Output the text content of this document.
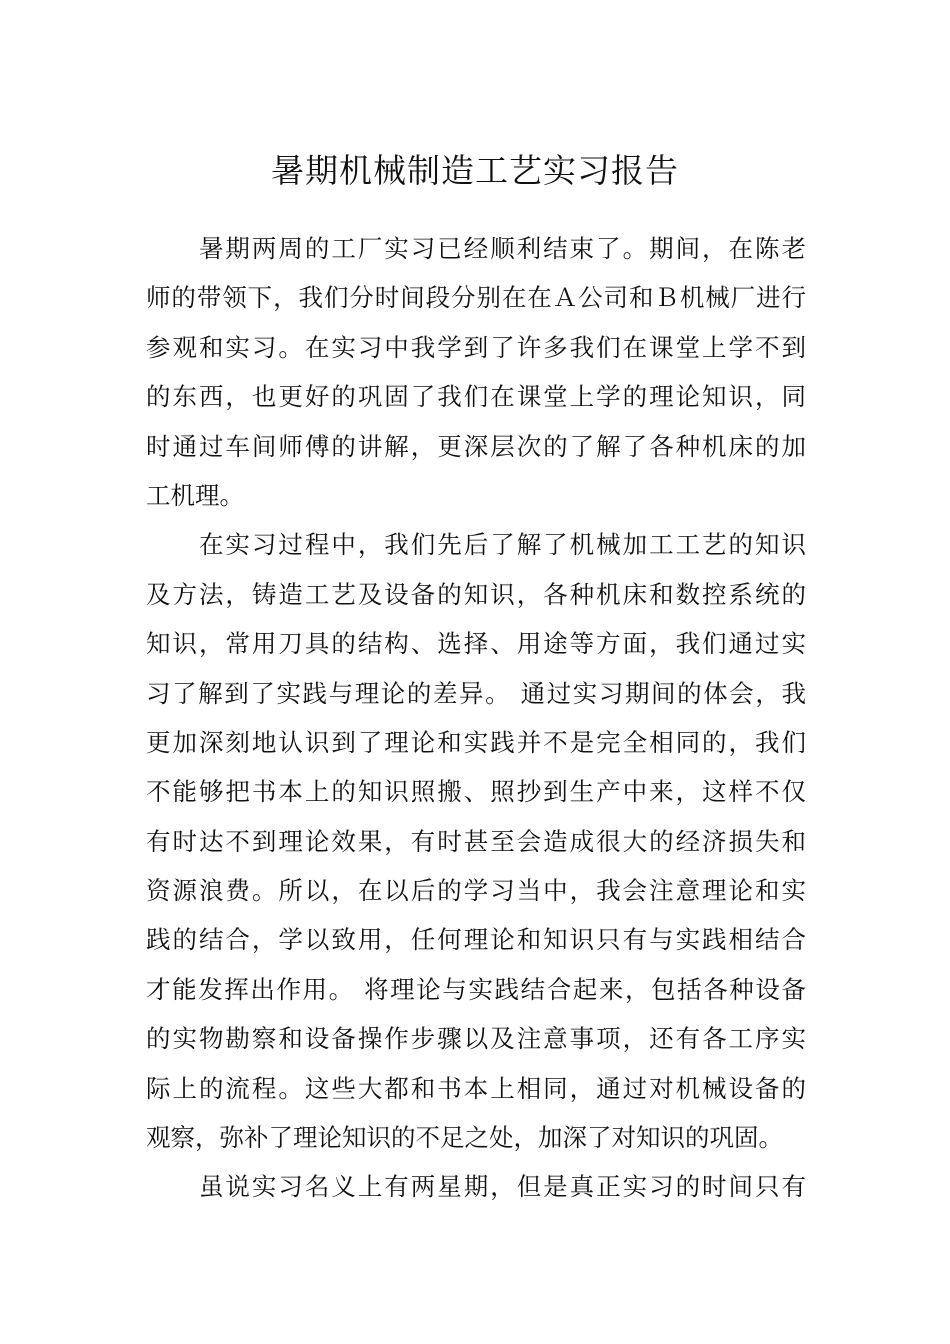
暑期机械制造工艺实习报告
　　暑期两周的工厂实习已经顺利结束了。期间，在陈老
师的带领下，我们分时间段分别在在Ａ公司和Ｂ机械厂进行
参观和实习。在实习中我学到了许多我们在课堂上学不到
的东西，也更好的巩固了我们在课堂上学的理论知识，同
时通过车间师傅的讲解，更深层次的了解了各种机床的加
工机理。
　　在实习过程中，我们先后了解了机械加工工艺的知识
及方法，铸造工艺及设备的知识，各种机床和数控系统的
知识，常用刀具的结构、选择、用途等方面，我们通过实
习了解到了实践与理论的差异。 通过实习期间的体会，我
更加深刻地认识到了理论和实践并不是完全相同的，我们
不能够把书本上的知识照搬、照抄到生产中来，这样不仅
有时达不到理论效果，有时甚至会造成很大的经济损失和
资源浪费。所以，在以后的学习当中，我会注意理论和实
践的结合，学以致用，任何理论和知识只有与实践相结合
才能发挥出作用。 将理论与实践结合起来，包括各种设备
的实物勘察和设备操作步骤以及注意事项，还有各工序实
际上的流程。这些大都和书本上相同，通过对机械设备的
观察，弥补了理论知识的不足之处，加深了对知识的巩固。
　　虽说实习名义上有两星期，但是真正实习的时间只有
